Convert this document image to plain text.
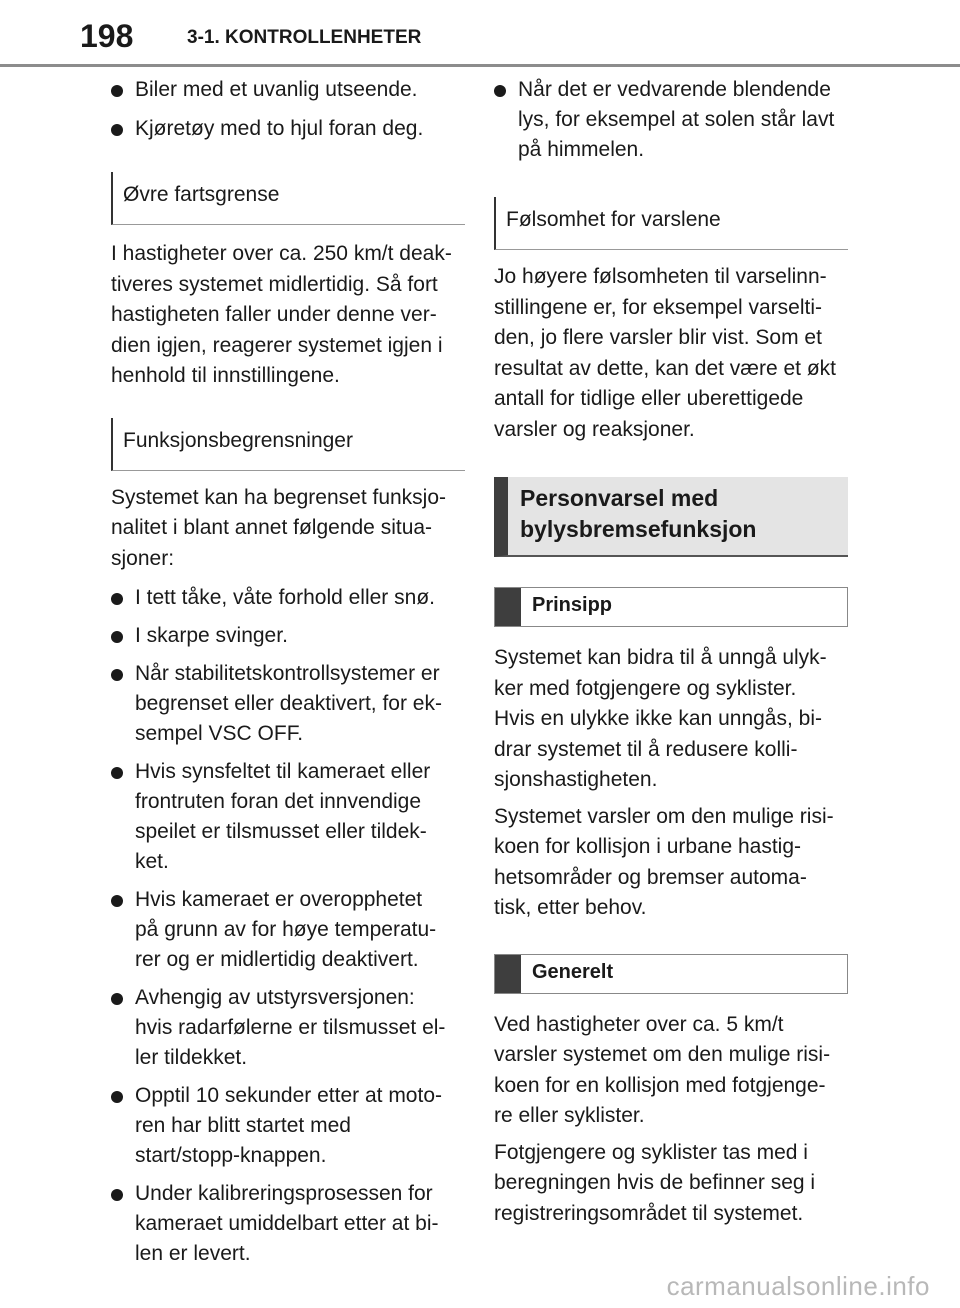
198	3-1. KONTROLLENHETER
Biler med et uvanlig utseende.
Kjøretøy med to hjul foran deg.
Øvre fartsgrense

I hastigheter over ca. 250 km/t deak-
tiveres systemet midlertidig. Så fort
hastigheten faller under denne ver-
dien igjen, reagerer systemet igjen i
henhold til innstillingene.

Funksjonsbegrensninger

Systemet kan ha begrenset funksjo-
nalitet i blant annet følgende situa-
sjoner:

I tett tåke, våte forhold eller snø.
I skarpe svinger.
Når stabilitetskontrollsystemer er
begrenset eller deaktivert, for ek-
sempel VSC OFF.
Hvis synsfeltet til kameraet eller
frontruten foran det innvendige
speilet er tilsmusset eller tildek-
ket.
Hvis kameraet er overopphetet
på grunn av for høye temperatu-
rer og er midlertidig deaktivert.
Avhengig av utstyrsversjonen:
hvis radarfølerne er tilsmusset el-
ler tildekket.
Opptil 10 sekunder etter at moto-
ren har blitt startet med
start/stopp-knappen.
Under kalibreringsprosessen for
kameraet umiddelbart etter at bi-
len er levert.
Når det er vedvarende blendende
lys, for eksempel at solen står lavt
på himmelen.
Følsomhet for varslene

Jo høyere følsomheten til varselinn-
stillingene er, for eksempel varselti-
den, jo flere varsler blir vist. Som et
resultat av dette, kan det være et økt
antall for tidlige eller uberettigede
varsler og reaksjoner.

Personvarsel med
bylysbremsefunksjon
Prinsipp

Systemet kan bidra til å unngå ulyk-
ker med fotgjengere og syklister.
Hvis en ulykke ikke kan unngås, bi-
drar systemet til å redusere kolli-
sjonshastigheten.

Systemet varsler om den mulige risi-
koen for kollisjon i urbane hastig-
hetsområder og bremser automa-
tisk, etter behov.

Generelt

Ved hastigheter over ca. 5 km/t
varsler systemet om den mulige risi-
koen for en kollisjon med fotgjenge-
re eller syklister.

Fotgjengere og syklister tas med i
beregningen hvis de befinner seg i
registreringsområdet til systemet.

carmanualsonline.info
